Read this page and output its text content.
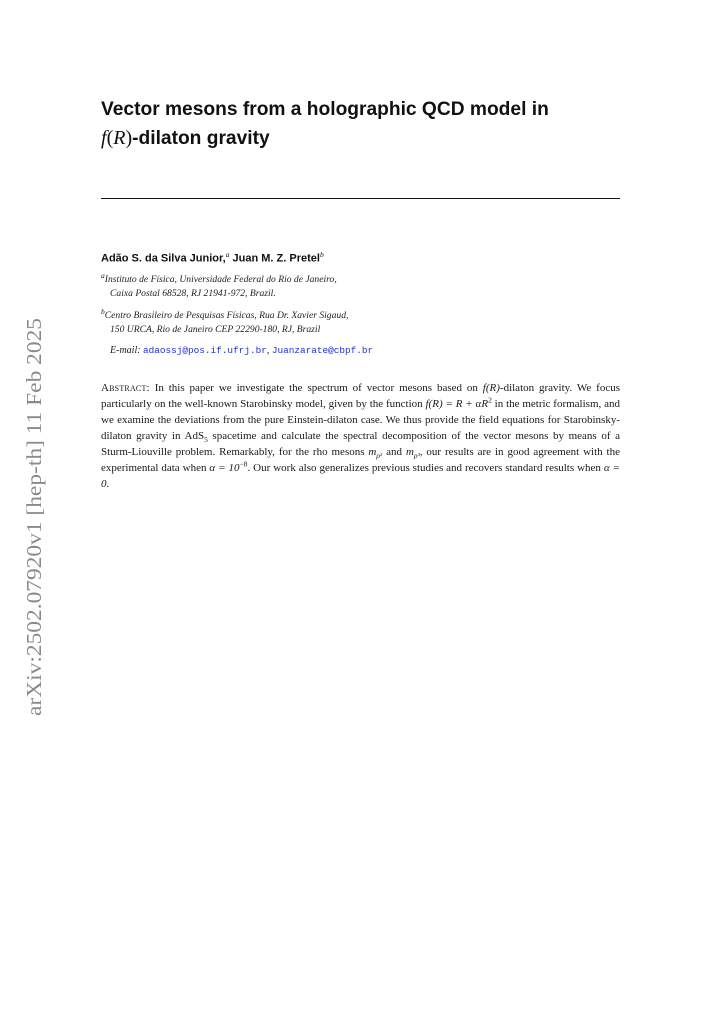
arXiv:2502.07920v1 [hep-th] 11 Feb 2025
Vector mesons from a holographic QCD model in
f(R)-dilaton gravity
Adão S. da Silva Junior,$^a$ Juan M. Z. Pretel$^b$
$^a$Instituto de Física, Universidade Federal do Rio de Janeiro,
Caixa Postal 68528, RJ 21941-972, Brazil.
$^b$Centro Brasileiro de Pesquisas Físicas, Rua Dr. Xavier Sigaud,
150 URCA, Rio de Janeiro CEP 22290-180, RJ, Brazil
E-mail: adaossj@pos.if.ufrj.br, Juanzarate@cbpf.br
Abstract: In this paper we investigate the spectrum of vector mesons based on f(R)-dilaton gravity. We focus particularly on the well-known Starobinsky model, given by the function $f(R) = R + \alpha R^2$ in the metric formalism, and we examine the deviations from the pure Einstein-dilaton case. We thus provide the field equations for Starobinsky-dilaton gravity in AdS$_5$ spacetime and calculate the spectral decomposition of the vector mesons by means of a Sturm-Liouville problem. Remarkably, for the rho mesons $m_{\rho^2}$ and $m_{\rho^3}$, our results are in good agreement with the experimental data when $\alpha = 10^{-8}$. Our work also generalizes previous studies and recovers standard results when α = 0.
